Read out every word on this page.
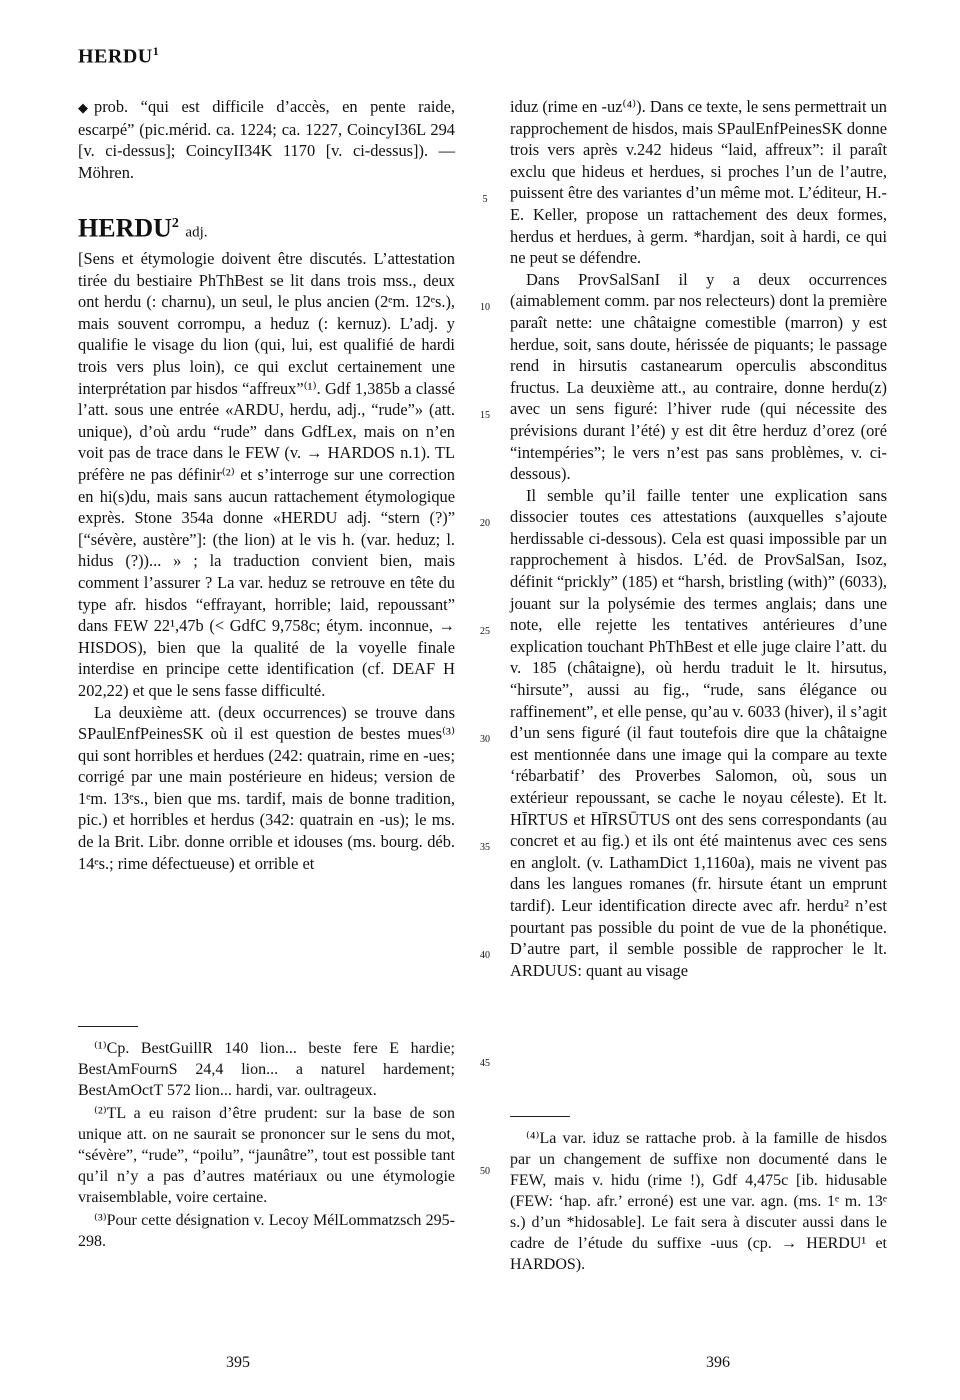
HERDU$^1$

◆ prob. “qui est difficile d’accès, en pente raide, escarpé” (pic.mérid. ca. 1224; ca. 1227, CoincyI36L 294 [v. ci-dessus]; CoincyII34K 1170 [v. ci-dessus]). — Möhren.

HERDU$^2$ adj.

[Sens et étymologie doivent être discutés. L’attestation tirée du bestiaire PhThBest se lit dans trois mss., deux ont herdu (: charnu), un seul, le plus ancien (2ᵉm. 12ᵉs.), mais souvent corrompu, a heduz (: kernuz). L’adj. y qualifie le visage du lion (qui, lui, est qualifié de hardi trois vers plus loin), ce qui exclut certainement une interprétation par hisdos “affreux”⁽¹⁾. Gdf 1,385b a classé l’att. sous une entrée «ARDU, herdu, adj., “rude”» (att. unique), d’où ardu “rude” dans GdfLex, mais on n’en voit pas de trace dans le FEW (v. → HARDOS n.1). TL préfère ne pas définir⁽²⁾ et s’interroge sur une correction en hi(s)du, mais sans aucun rattachement étymologique exprès. Stone 354a donne «HERDU adj. “stern (?)” [“sévère, austère”]: (the lion) at le vis h. (var. heduz; l. hidus (?))... » ; la traduction convient bien, mais comment l’assurer ? La var. heduz se retrouve en tête du type afr. hisdos “effrayant, horrible; laid, repoussant” dans FEW 22¹,47b (< GdfC 9,758c; étym. inconnue, → HISDOS), bien que la qualité de la voyelle finale interdise en principe cette identification (cf. DEAF H 202,22) et que le sens fasse difficulté.

La deuxième att. (deux occurrences) se trouve dans SPaulEnfPeinesSK où il est question de bestes mues⁽³⁾ qui sont horribles et herdues (242: quatrain, rime en -ues; corrigé par une main postérieure en hideus; version de 1ᵉm. 13ᵉs., bien que ms. tardif, mais de bonne tradition, pic.) et horribles et herdus (342: quatrain en -us); le ms. de la Brit. Libr. donne orrible et idouses (ms. bourg. déb. 14ᵉs.; rime défectueuse) et orrible et

⁽¹⁾Cp. BestGuillR 140 lion... beste fere E hardie; BestAmFournS 24,4 lion... a naturel hardement; BestAmOctT 572 lion... hardi, var. oultrageux.

⁽²⁾TL a eu raison d’être prudent: sur la base de son unique att. on ne saurait se prononcer sur le sens du mot, “sévère”, “rude”, “poilu”, “jaunâtre”, tout est possible tant qu’il n’y a pas d’autres matériaux ou une étymologie vraisemblable, voire certaine.

⁽³⁾Pour cette désignation v. Lecoy MélLommatzsch 295-298.

iduz (rime en -uz⁽⁴⁾). Dans ce texte, le sens permettrait un rapprochement de hisdos, mais SPaulEnfPeinesSK donne trois vers après v.242 hideus “laid, affreux”: il paraît exclu que hideus et herdues, si proches l’un de l’autre, puissent être des variantes d’un même mot. L’éditeur, H.-E. Keller, propose un rattachement des deux formes, herdus et herdues, à germ. *hardjan, soit à hardi, ce qui ne peut se défendre.

Dans ProvSalSanI il y a deux occurrences (aimablement comm. par nos relecteurs) dont la première paraît nette: une châtaigne comestible (marron) y est herdue, soit, sans doute, hérissée de piquants; le passage rend in hirsutis castanearum operculis absconditus fructus. La deuxième att., au contraire, donne herdu(z) avec un sens figuré: l’hiver rude (qui nécessite des prévisions durant l’été) y est dit être herduz d’orez (oré “intempéries”; le vers n’est pas sans problèmes, v. ci-dessous).

Il semble qu’il faille tenter une explication sans dissocier toutes ces attestations (auxquelles s’ajoute herdissable ci-dessous). Cela est quasi impossible par un rapprochement à hisdos. L’éd. de ProvSalSan, Isoz, définit “prickly” (185) et “harsh, bristling (with)” (6033), jouant sur la polysémie des termes anglais; dans une note, elle rejette les tentatives antérieures d’une explication touchant PhThBest et elle juge claire l’att. du v. 185 (châtaigne), où herdu traduit le lt. hirsutus, “hirsute”, aussi au fig., “rude, sans élégance ou raffinement”, et elle pense, qu’au v. 6033 (hiver), il s’agit d’un sens figuré (il faut toutefois dire que la châtaigne est mentionnée dans une image qui la compare au texte ‘rébarbatif’ des Proverbes Salomon, où, sous un extérieur repoussant, se cache le noyau céleste). Et lt. HĪRTUS et HĪRSŪTUS ont des sens correspondants (au concret et au fig.) et ils ont été maintenus avec ces sens en anglolt. (v. LathamDict 1,1160a), mais ne vivent pas dans les langues romanes (fr. hirsute étant un emprunt tardif). Leur identification directe avec afr. herdu² n’est pourtant pas possible du point de vue de la phonétique. D’autre part, il semble possible de rapprocher le lt. ARDUUS: quant au visage

⁽⁴⁾La var. iduz se rattache prob. à la famille de hisdos par un changement de suffixe non documenté dans le FEW, mais v. hidu (rime !), Gdf 4,475c [ib. hidusable (FEW: ‘hap. afr.’ erroné) est une var. agn. (ms. 1ᵉ m. 13ᵉ s.) d’un *hidosable]. Le fait sera à discuter aussi dans le cadre de l’étude du suffixe -uus (cp. → HERDU¹ et HARDOS).

5
10
15
20
25
30
35
40
45
50
395	396
